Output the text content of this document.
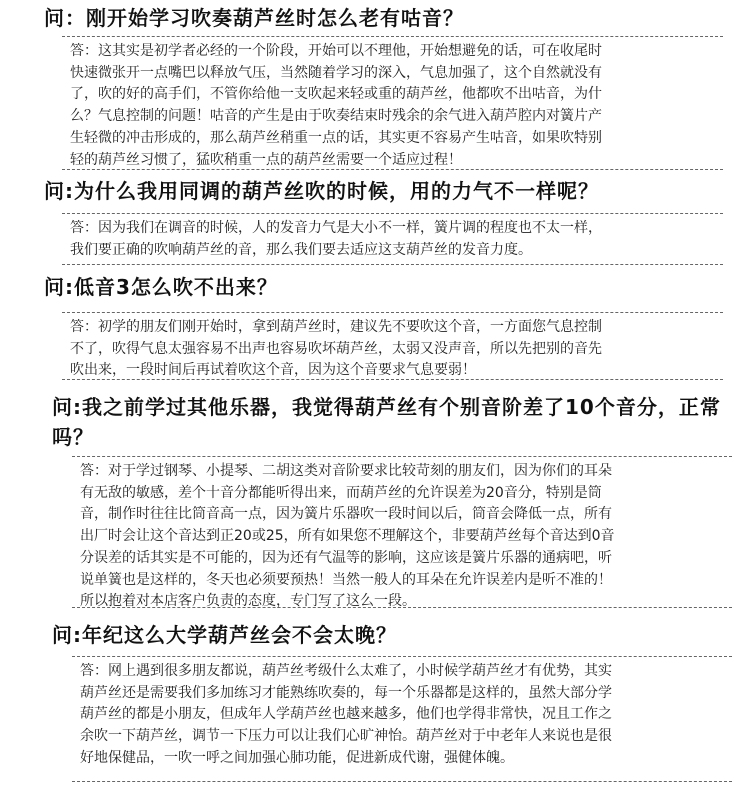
问：刚开始学习吹奏葫芦丝时怎么老有咕音？
答：这其实是初学者必经的一个阶段，开始可以不理他，开始想避免的话，可在收尾时
快速微张开一点嘴巴以释放气压，当然随着学习的深入，气息加强了，这个自然就没有
了，吹的好的高手们，不管你给他一支吹起来轻或重的葫芦丝，他都吹不出咕音，为什
么？气息控制的问题！咕音的产生是由于吹奏结束时残余的余气进入葫芦腔内对簧片产
生轻微的冲击形成的，那么葫芦丝稍重一点的话，其实更不容易产生咕音，如果吹特别
轻的葫芦丝习惯了，猛吹稍重一点的葫芦丝需要一个适应过程！
问:为什么我用同调的葫芦丝吹的时候，用的力气不一样呢？
答：因为我们在调音的时候，人的发音力气是大小不一样，簧片调的程度也不太一样，
我们要正确的吹响葫芦丝的音，那么我们要去适应这支葫芦丝的发音力度。
问:低音3怎么吹不出来？
答：初学的朋友们刚开始时，拿到葫芦丝时，建议先不要吹这个音，一方面您气息控制
不了，吹得气息太强容易不出声也容易吹坏葫芦丝，太弱又没声音，所以先把别的音先
吹出来，一段时间后再试着吹这个音，因为这个音要求气息要弱！
问:我之前学过其他乐器，我觉得葫芦丝有个别音阶差了10个音分，正常吗？
答：对于学过钢琴、小提琴、二胡这类对音阶要求比较苛刻的朋友们，因为你们的耳朵
有无敌的敏感，差个十音分都能听得出来，而葫芦丝的允许误差为20音分，特别是筒
音，制作时往往比筒音高一点，因为簧片乐器吹一段时间以后，筒音会降低一点，所有
出厂时会让这个音达到正20或25，所有如果您不理解这个，非要葫芦丝每个音达到0音
分误差的话其实是不可能的，因为还有气温等的影响，这应该是簧片乐器的通病吧，听
说单簧也是这样的，冬天也必须要预热！当然一般人的耳朵在允许误差内是听不准的！
所以抱着对本店客户负责的态度，专门写了这么一段。
问:年纪这么大学葫芦丝会不会太晚？
答：网上遇到很多朋友都说，葫芦丝考级什么太难了，小时候学葫芦丝才有优势，其实
葫芦丝还是需要我们多加练习才能熟练吹奏的，每一个乐器都是这样的，虽然大部分学
葫芦丝的都是小朋友，但成年人学葫芦丝也越来越多，他们也学得非常快，况且工作之
余吹一下葫芦丝，调节一下压力可以让我们心旷神怡。葫芦丝对于中老年人来说也是很
好地保健品，一吹一呼之间加强心肺功能，促进新成代谢，强健体魄。
